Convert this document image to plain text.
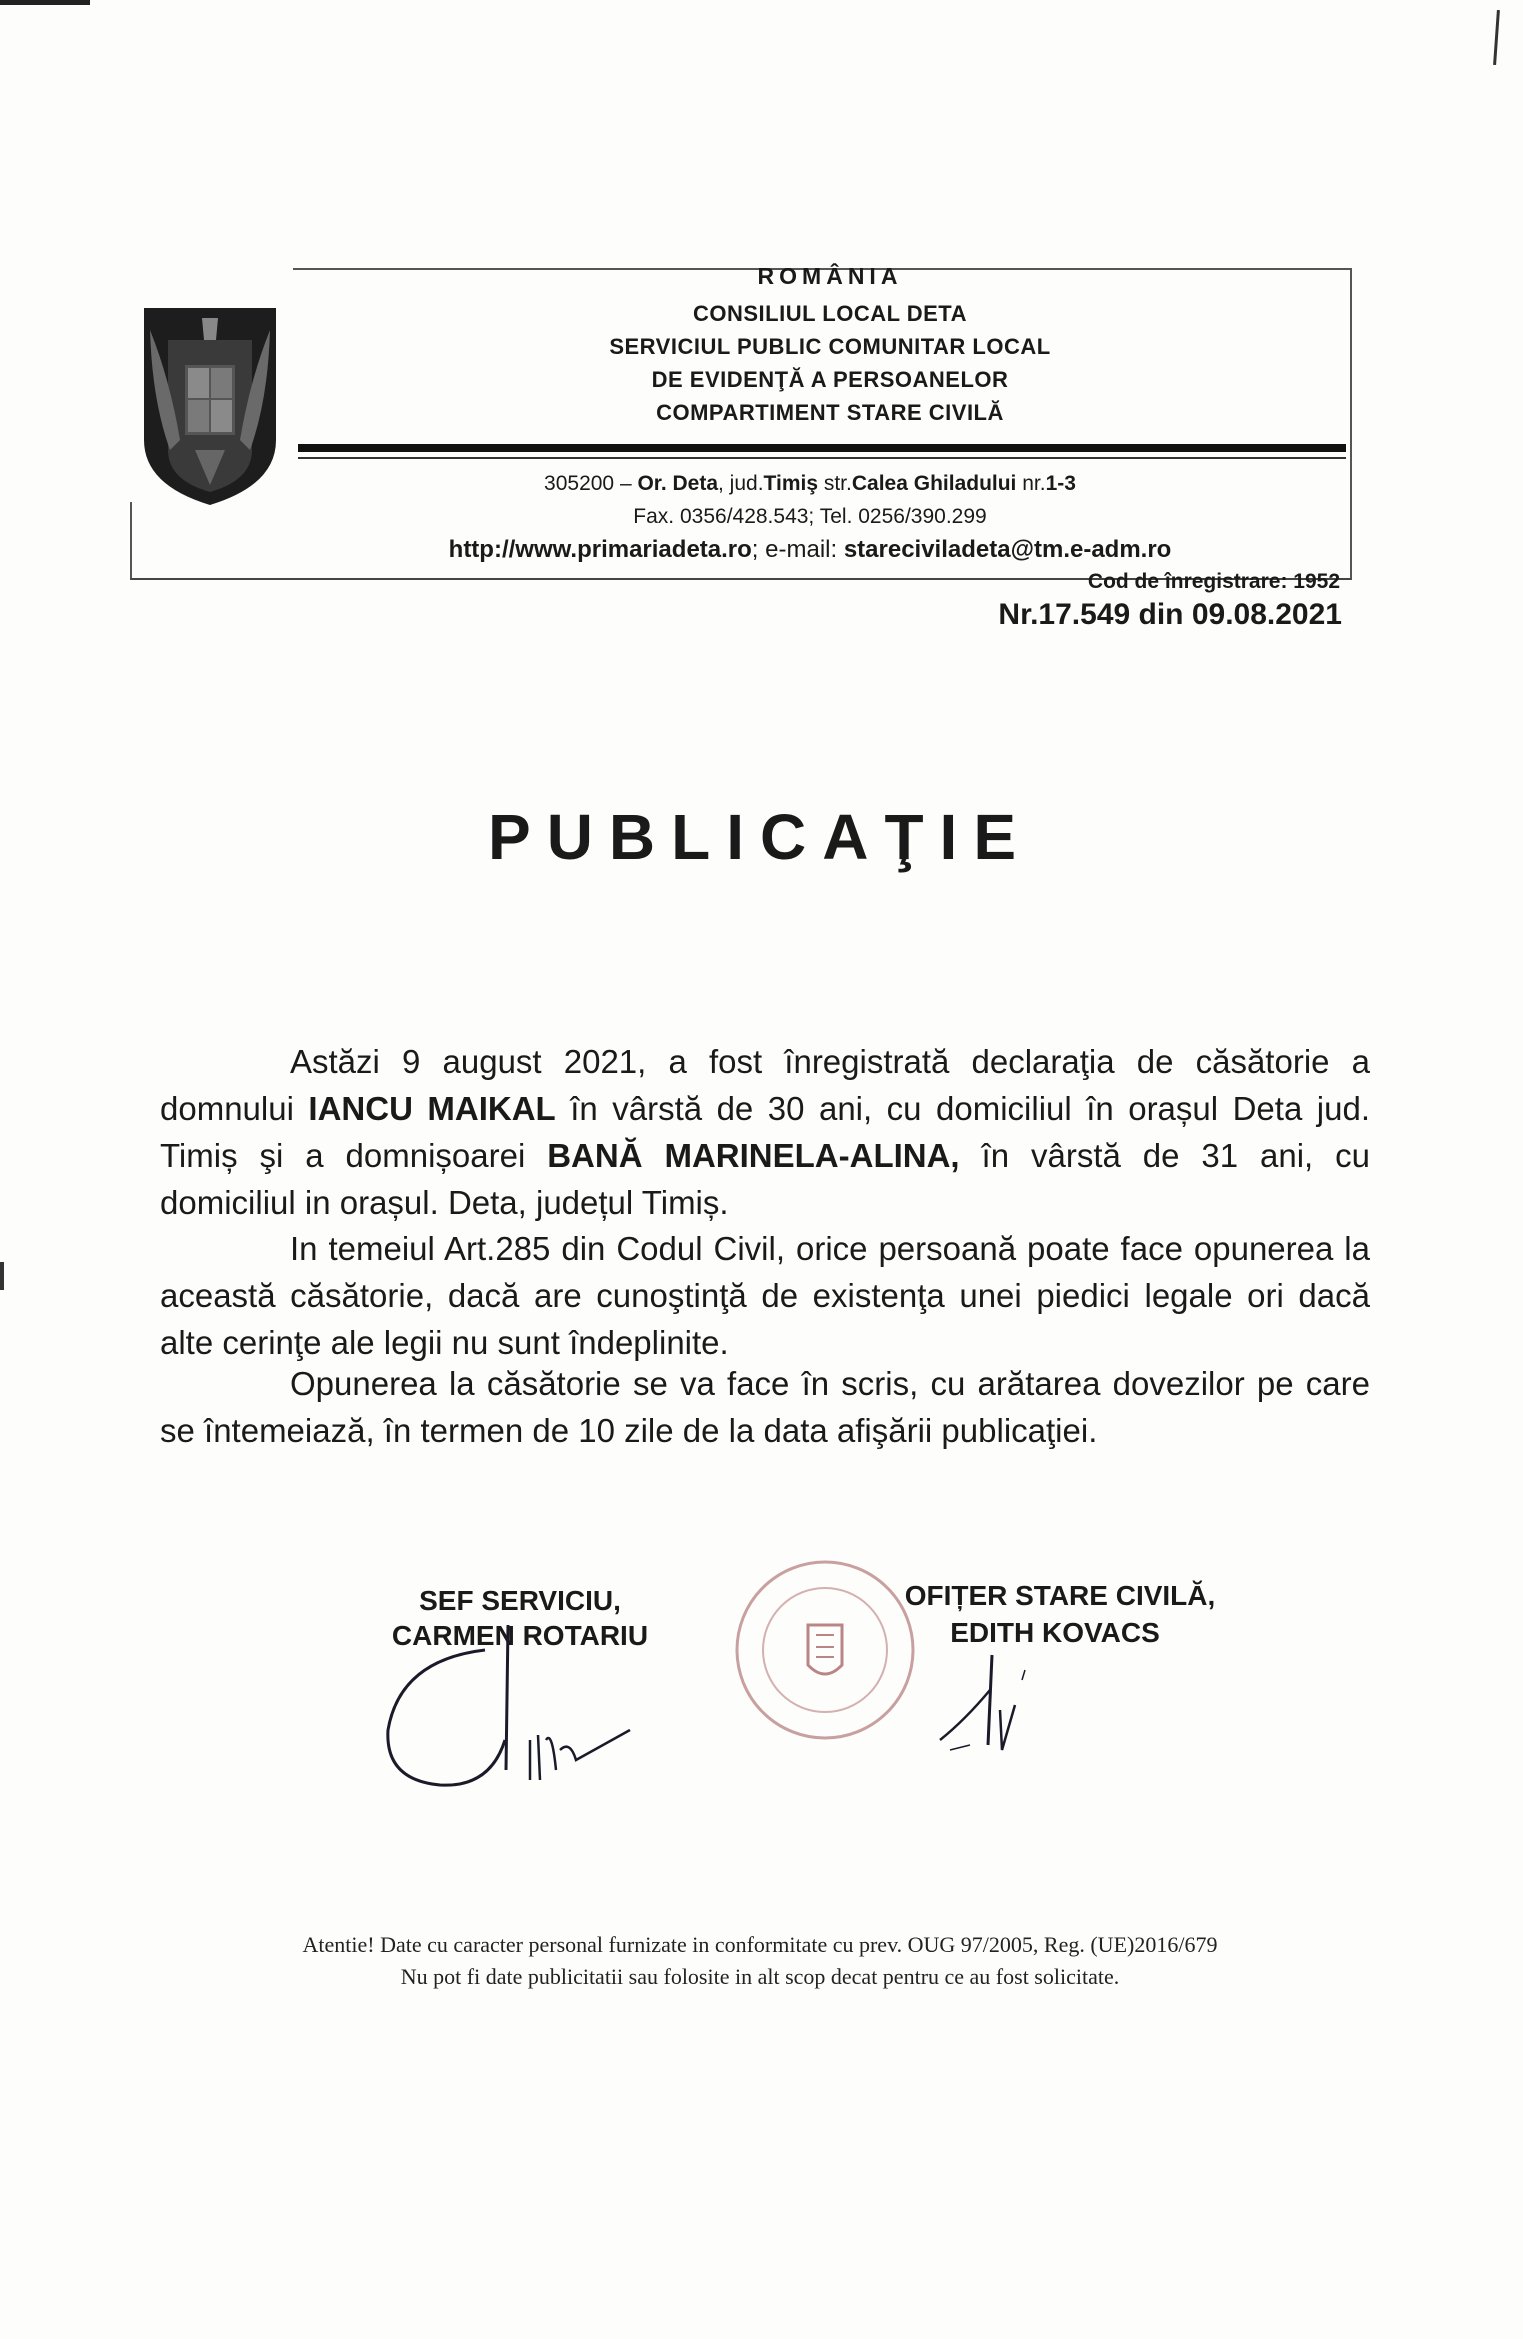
ROMÂNIA
CONSILIUL LOCAL DETA
SERVICIUL PUBLIC COMUNITAR LOCAL
DE EVIDENŢĂ A PERSOANELOR
COMPARTIMENT STARE CIVILĂ
305200 – Or. Deta, jud.Timiş str.Calea Ghiladului nr.1-3
Fax. 0356/428.543; Tel. 0256/390.299
http://www.primariadeta.ro; e-mail: stareciviladeta@tm.e-adm.ro
Cod de înregistrare: 1952
Nr.17.549 din 09.08.2021
PUBLICAŢIE
Astăzi 9 august 2021, a fost înregistrată declaraţia de căsătorie a domnului IANCU MAIKAL în vârstă de 30 ani, cu domiciliul în orașul Deta jud. Timiș şi a domnișoarei BANĂ MARINELA-ALINA, în vârstă de 31 ani, cu domiciliul in orașul. Deta, județul Timiș.
In temeiul Art.285 din Codul Civil, orice persoană poate face opunerea la această căsătorie, dacă are cunoştinţă de existenţa unei piedici legale ori dacă alte cerinţe ale legii nu sunt îndeplinite.
Opunerea la căsătorie se va face în scris, cu arătarea dovezilor pe care se întemeiază, în termen de 10 zile de la data afişării publicaţiei.
SEF SERVICIU,
CARMEN ROTARIU
OFIȚER STARE CIVILĂ,
EDITH KOVACS
Atentie! Date cu caracter personal furnizate in conformitate cu prev. OUG 97/2005, Reg. (UE)2016/679
Nu pot fi date publicitatii sau folosite in alt scop decat pentru ce au fost solicitate.
